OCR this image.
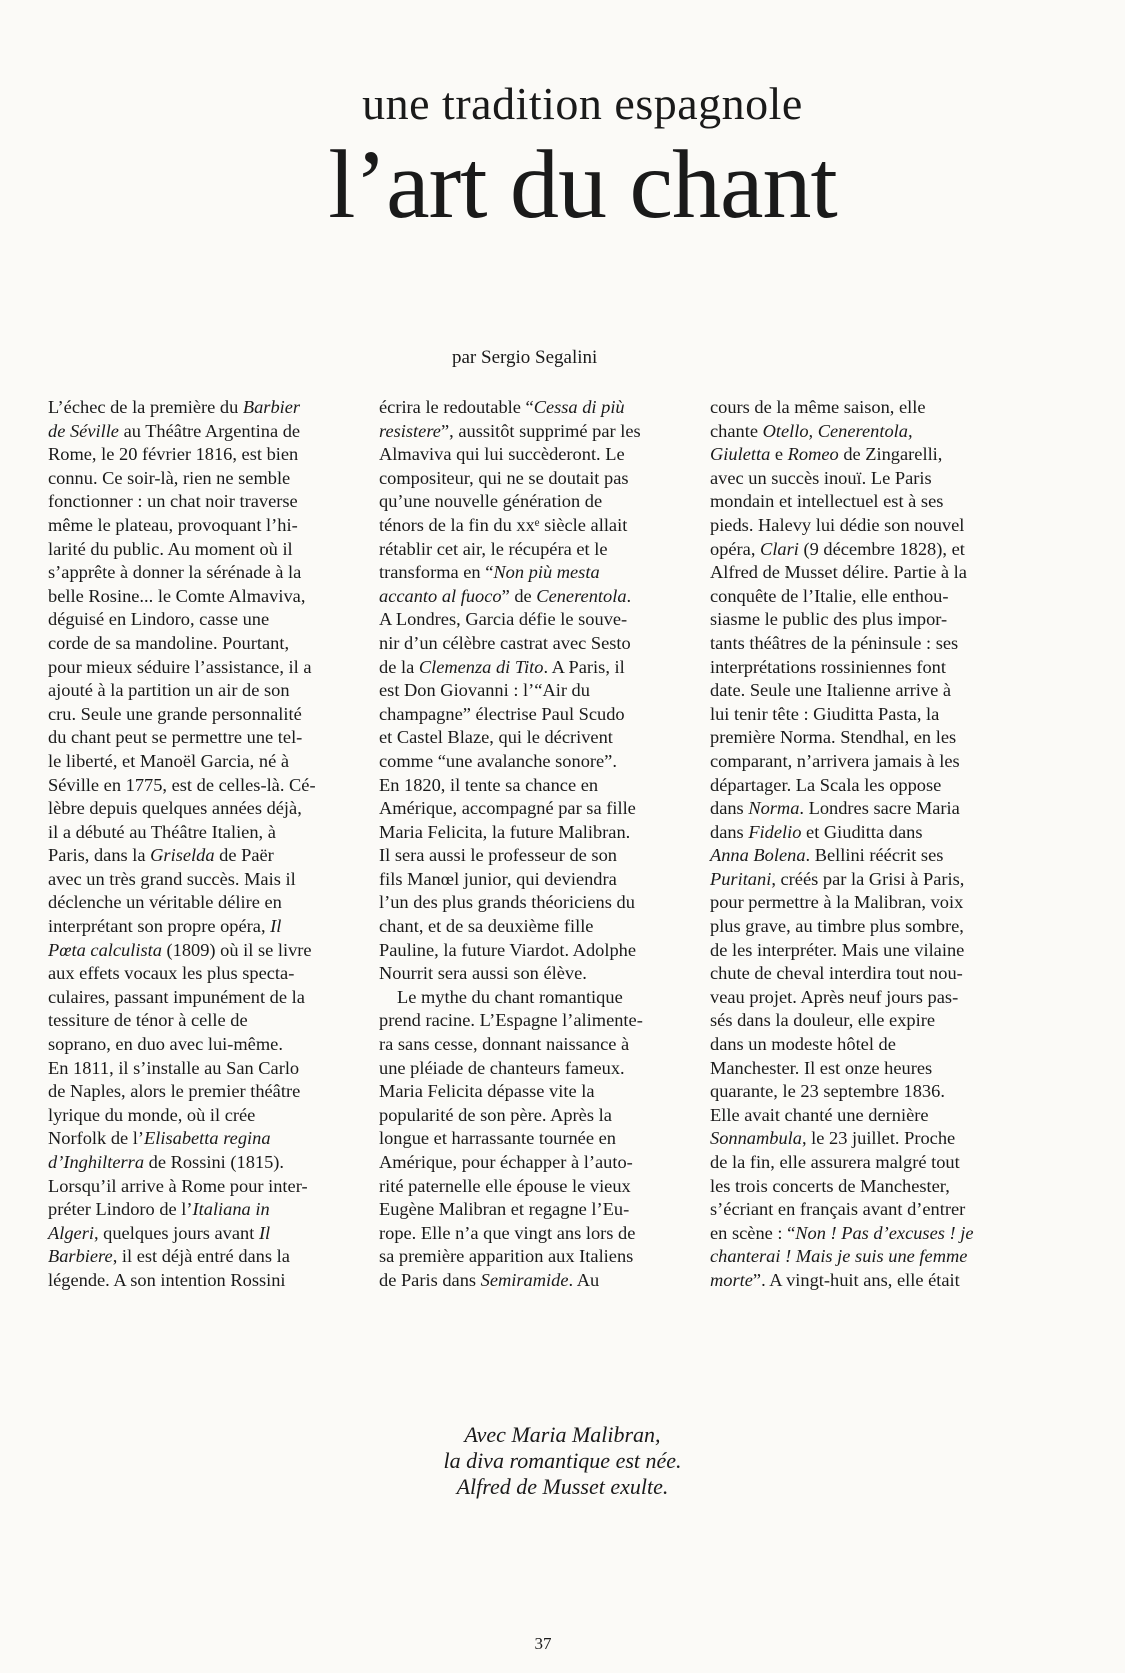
une tradition espagnole
l’art du chant
par Sergio Segalini
L’échec de la première du Barbier
de Séville au Théâtre Argentina de
Rome, le 20 février 1816, est bien
connu. Ce soir-là, rien ne semble
fonctionner : un chat noir traverse
même le plateau, provoquant l’hi-
larité du public. Au moment où il
s’apprête à donner la sérénade à la
belle Rosine... le Comte Almaviva,
déguisé en Lindoro, casse une
corde de sa mandoline. Pourtant,
pour mieux séduire l’assistance, il a
ajouté à la partition un air de son
cru. Seule une grande personnalité
du chant peut se permettre une tel-
le liberté, et Manoël Garcia, né à
Séville en 1775, est de celles-là. Cé-
lèbre depuis quelques années déjà,
il a débuté au Théâtre Italien, à
Paris, dans la Griselda de Paër
avec un très grand succès. Mais il
déclenche un véritable délire en
interprétant son propre opéra, Il
Pœta calculista (1809) où il se livre
aux effets vocaux les plus specta-
culaires, passant impunément de la
tessiture de ténor à celle de
soprano, en duo avec lui-même.
En 1811, il s’installe au San Carlo
de Naples, alors le premier théâtre
lyrique du monde, où il crée
Norfolk de l’Elisabetta regina
d’Inghilterra de Rossini (1815).
Lorsqu’il arrive à Rome pour inter-
préter Lindoro de l’Italiana in
Algeri, quelques jours avant Il
Barbiere, il est déjà entré dans la
légende. A son intention Rossini
écrira le redoutable “Cessa di più
resistere”, aussitôt supprimé par les
Almaviva qui lui succèderont. Le
compositeur, qui ne se doutait pas
qu’une nouvelle génération de
ténors de la fin du xxᵉ siècle allait
rétablir cet air, le récupéra et le
transforma en “Non più mesta
accanto al fuoco” de Cenerentola.
A Londres, Garcia défie le souve-
nir d’un célèbre castrat avec Sesto
de la Clemenza di Tito. A Paris, il
est Don Giovanni : l’“Air du
champagne” électrise Paul Scudo
et Castel Blaze, qui le décrivent
comme “une avalanche sonore”.
En 1820, il tente sa chance en
Amérique, accompagné par sa fille
Maria Felicita, la future Malibran.
Il sera aussi le professeur de son
fils Manœl junior, qui deviendra
l’un des plus grands théoriciens du
chant, et de sa deuxième fille
Pauline, la future Viardot. Adolphe
Nourrit sera aussi son élève.
Le mythe du chant romantique
prend racine. L’Espagne l’alimente-
ra sans cesse, donnant naissance à
une pléiade de chanteurs fameux.
Maria Felicita dépasse vite la
popularité de son père. Après la
longue et harrassante tournée en
Amérique, pour échapper à l’auto-
rité paternelle elle épouse le vieux
Eugène Malibran et regagne l’Eu-
rope. Elle n’a que vingt ans lors de
sa première apparition aux Italiens
de Paris dans Semiramide. Au
cours de la même saison, elle
chante Otello, Cenerentola,
Giuletta e Romeo de Zingarelli,
avec un succès inouï. Le Paris
mondain et intellectuel est à ses
pieds. Halevy lui dédie son nouvel
opéra, Clari (9 décembre 1828), et
Alfred de Musset délire. Partie à la
conquête de l’Italie, elle enthou-
siasme le public des plus impor-
tants théâtres de la péninsule : ses
interprétations rossiniennes font
date. Seule une Italienne arrive à
lui tenir tête : Giuditta Pasta, la
première Norma. Stendhal, en les
comparant, n’arrivera jamais à les
départager. La Scala les oppose
dans Norma. Londres sacre Maria
dans Fidelio et Giuditta dans
Anna Bolena. Bellini réécrit ses
Puritani, créés par la Grisi à Paris,
pour permettre à la Malibran, voix
plus grave, au timbre plus sombre,
de les interpréter. Mais une vilaine
chute de cheval interdira tout nou-
veau projet. Après neuf jours pas-
sés dans la douleur, elle expire
dans un modeste hôtel de
Manchester. Il est onze heures
quarante, le 23 septembre 1836.
Elle avait chanté une dernière
Sonnambula, le 23 juillet. Proche
de la fin, elle assurera malgré tout
les trois concerts de Manchester,
s’écriant en français avant d’entrer
en scène : “Non ! Pas d’excuses ! je
chanterai ! Mais je suis une femme
morte”. A vingt-huit ans, elle était
Avec Maria Malibran,
la diva romantique est née.
Alfred de Musset exulte.
37
